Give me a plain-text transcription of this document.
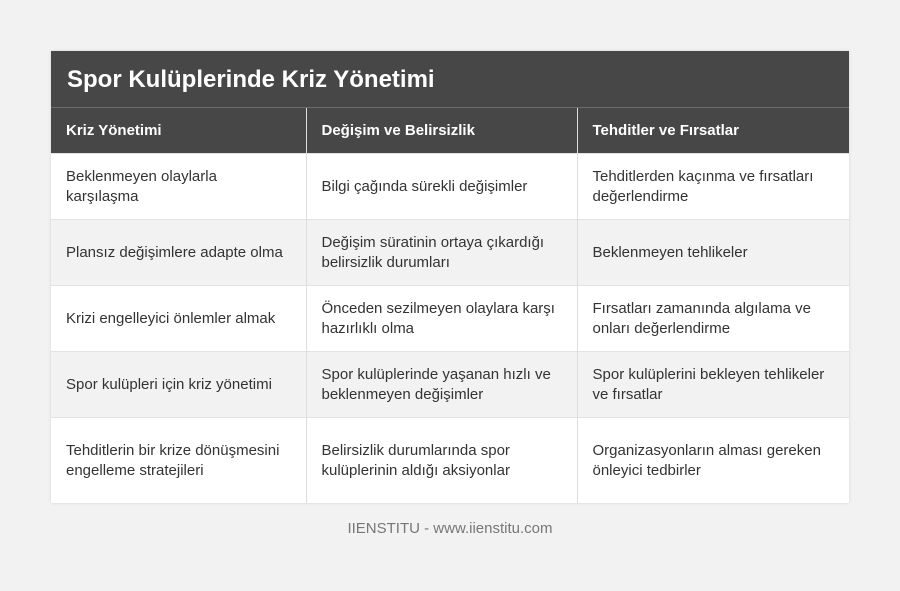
Spor Kulüplerinde Kriz Yönetimi
Kriz Yönetimi	Değişim ve Belirsizlik	Tehditler ve Fırsatlar
Beklenmeyen olaylarla karşılaşma	Bilgi çağında sürekli değişimler	Tehditlerden kaçınma ve fırsatları değerlendirme
Plansız değişimlere adapte olma	Değişim süratinin ortaya çıkardığı belirsizlik durumları	Beklenmeyen tehlikeler
Krizi engelleyici önlemler almak	Önceden sezilmeyen olaylara karşı hazırlıklı olma	Fırsatları zamanında algılama ve onları değerlendirme
Spor kulüpleri için kriz yönetimi	Spor kulüplerinde yaşanan hızlı ve beklenmeyen değişimler	Spor kulüplerini bekleyen tehlikeler ve fırsatlar
Tehditlerin bir krize dönüşmesini engelleme stratejileri	Belirsizlik durumlarında spor kulüplerinin aldığı aksiyonlar	Organizasyonların alması gereken önleyici tedbirler
IIENSTITU - www.iienstitu.com
